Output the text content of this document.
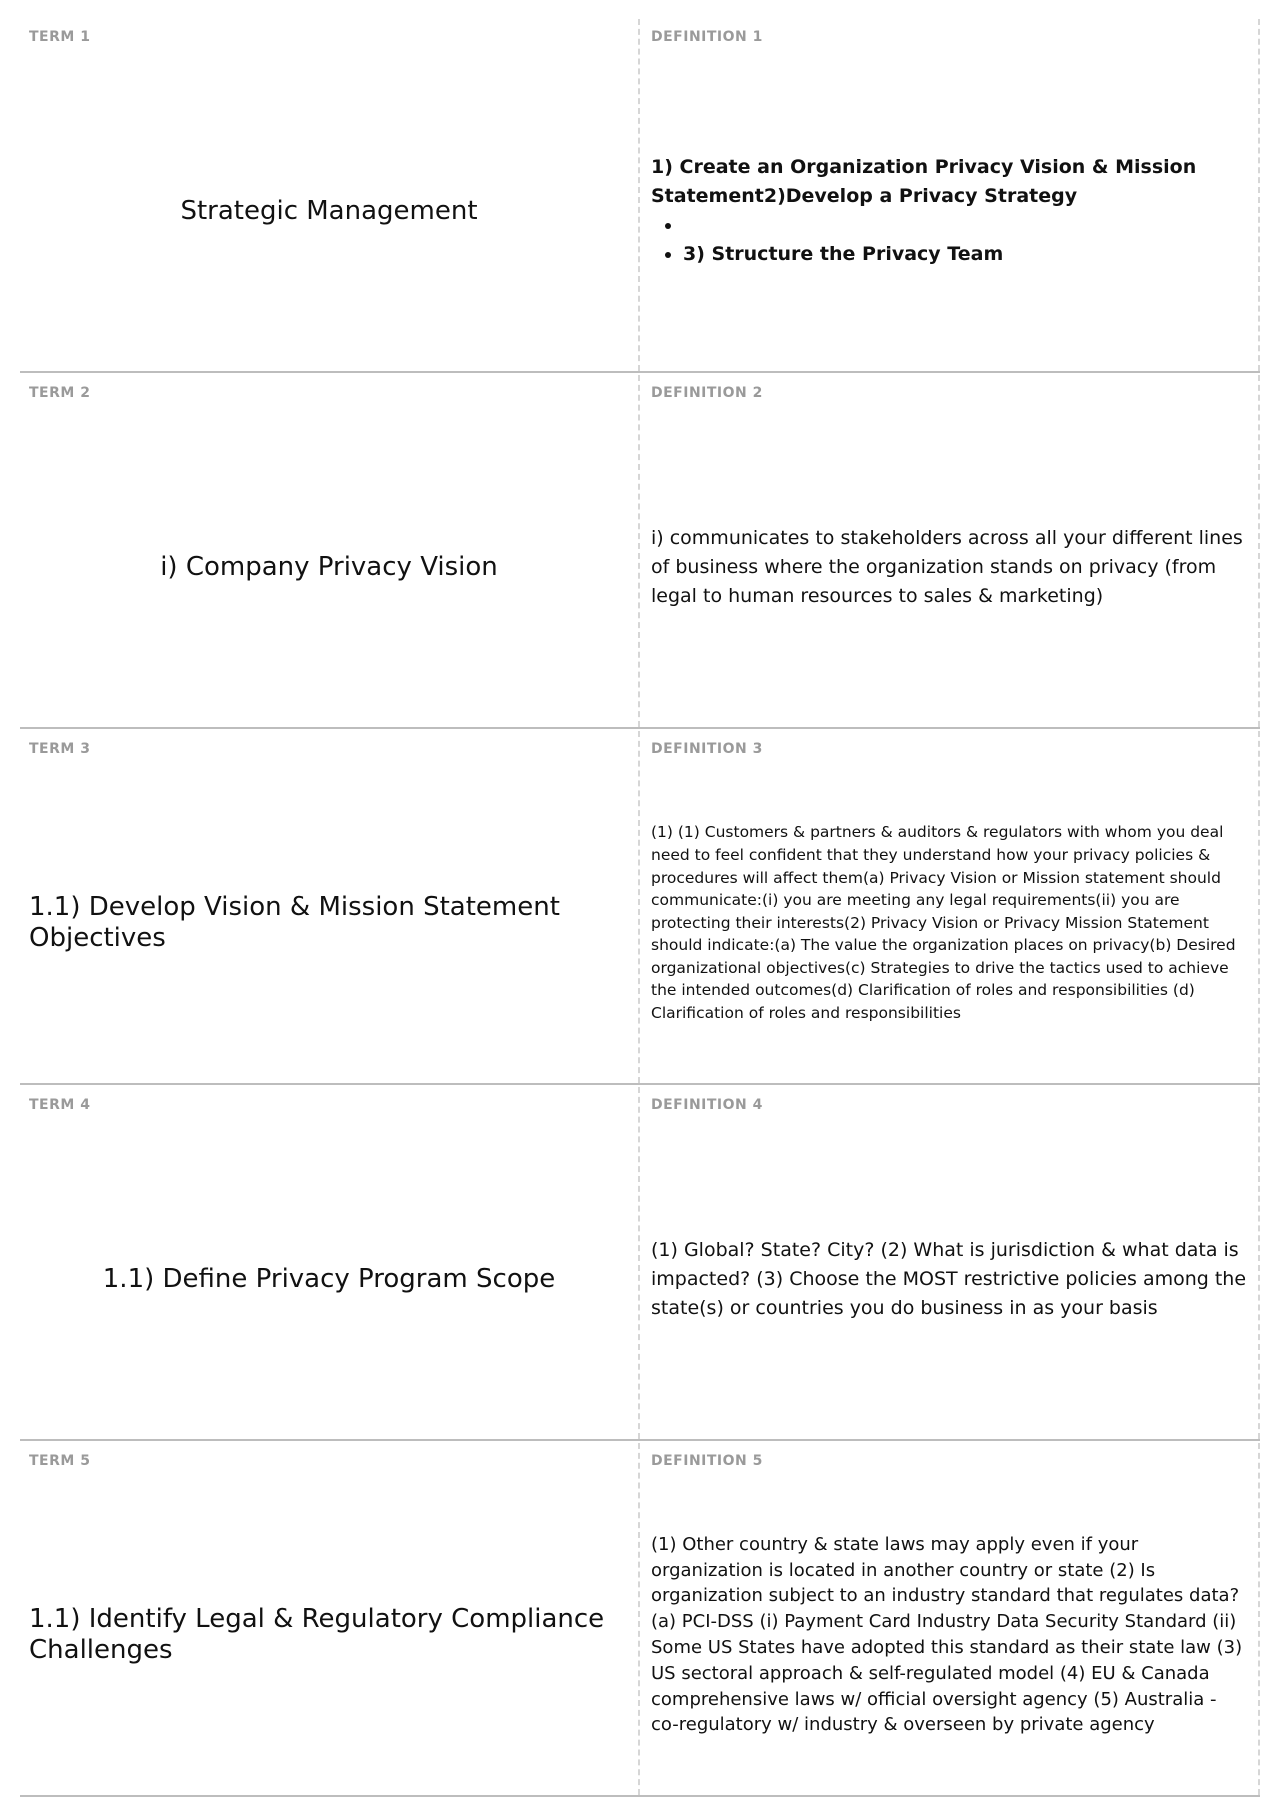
TERM 1
Strategic Management
DEFINITION 1
1) Create an Organization Privacy Vision & Mission Statement2)Develop a Privacy Strategy
•
• 3) Structure the Privacy Team
TERM 2
i) Company Privacy Vision
DEFINITION 2
i) communicates to stakeholders across all your different lines of business where the organization stands on privacy (from legal to human resources to sales & marketing)
TERM 3
1.1) Develop Vision & Mission Statement Objectives
DEFINITION 3
(1) (1) Customers & partners & auditors & regulators with whom you deal need to feel confident that they understand how your privacy policies & procedures will affect them(a) Privacy Vision or Mission statement should communicate:(i) you are meeting any legal requirements(ii) you are protecting their interests(2) Privacy Vision or Privacy Mission Statement should indicate:(a) The value the organization places on privacy(b) Desired organizational objectives(c) Strategies to drive the tactics used to achieve the intended outcomes(d) Clarification of roles and responsibilities (d) Clarification of roles and responsibilities
TERM 4
1.1) Define Privacy Program Scope
DEFINITION 4
(1) Global? State? City? (2) What is jurisdiction & what data is impacted? (3) Choose the MOST restrictive policies among the state(s) or countries you do business in as your basis
TERM 5
1.1) Identify Legal & Regulatory Compliance Challenges
DEFINITION 5
(1) Other country & state laws may apply even if your organization is located in another country or state (2) Is organization subject to an industry standard that regulates data? (a) PCI-DSS (i) Payment Card Industry Data Security Standard (ii) Some US States have adopted this standard as their state law (3) US sectoral approach & self-regulated model (4) EU & Canada comprehensive laws w/ official oversight agency (5) Australia - co-regulatory w/ industry & overseen by private agency
